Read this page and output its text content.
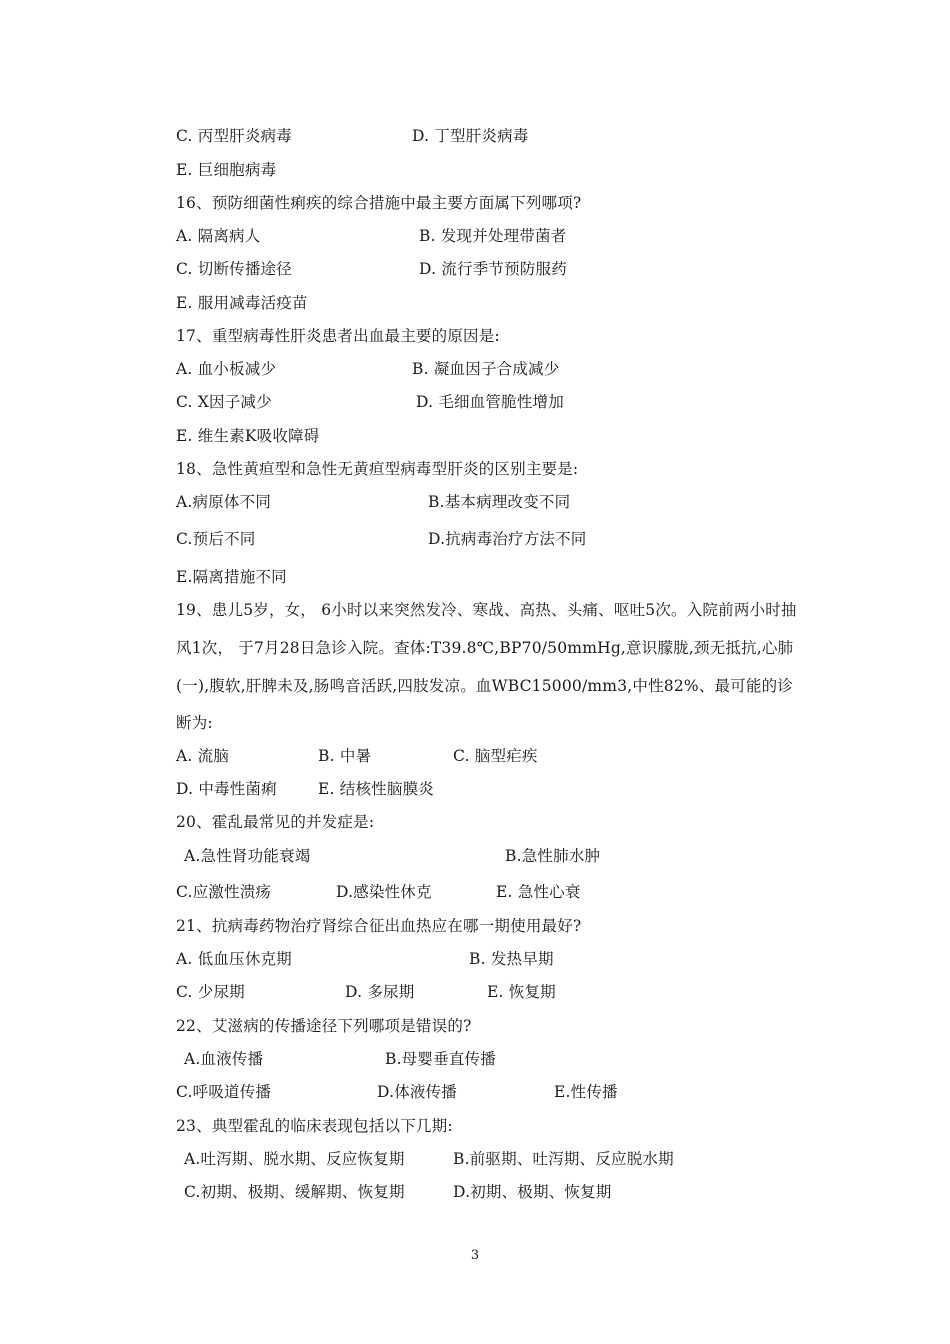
C. 丙型肝炎病毒	D. 丁型肝炎病毒
E. 巨细胞病毒
16、预防细菌性痢疾的综合措施中最主要方面属下列哪项?
A. 隔离病人	B. 发现并处理带菌者
C. 切断传播途径	D. 流行季节预防服药
E. 服用减毒活疫苗
17、重型病毒性肝炎患者出血最主要的原因是:
A. 血小板减少	B. 凝血因子合成减少
C. Ⅹ因子减少	D. 毛细血管脆性增加
E. 维生素K吸收障碍
18、急性黄疸型和急性无黄疸型病毒型肝炎的区别主要是:
A.病原体不同	B.基本病理改变不同
C.预后不同	D.抗病毒治疗方法不同
E.隔离措施不同
19、患儿5岁，女， 6小时以来突然发冷、寒战、高热、头痛、呕吐5次。入院前两小时抽
风1次， 于7月28日急诊入院。查体:T39.8℃,BP70/50mmHg,意识朦胧,颈无抵抗,心肺
(一),腹软,肝脾未及,肠鸣音活跃,四肢发凉。血WBC15000/mm3,中性82%、最可能的诊
断为:
A. 流脑	B. 中暑	C. 脑型疟疾
D. 中毒性菌痢	E. 结核性脑膜炎
20、霍乱最常见的并发症是:
A.急性肾功能衰竭	B.急性肺水肿
C.应激性溃疡	D.感染性休克	E. 急性心衰
21、抗病毒药物治疗肾综合征出血热应在哪一期使用最好?
A. 低血压休克期	B. 发热早期
C. 少尿期	D. 多尿期	E. 恢复期
22、艾滋病的传播途径下列哪项是错误的?
A.血液传播	B.母婴垂直传播
C.呼吸道传播	D.体液传播	E.性传播
23、典型霍乱的临床表现包括以下几期:
A.吐泻期、脱水期、反应恢复期	B.前驱期、吐泻期、反应脱水期
C.初期、极期、缓解期、恢复期	D.初期、极期、恢复期
3
